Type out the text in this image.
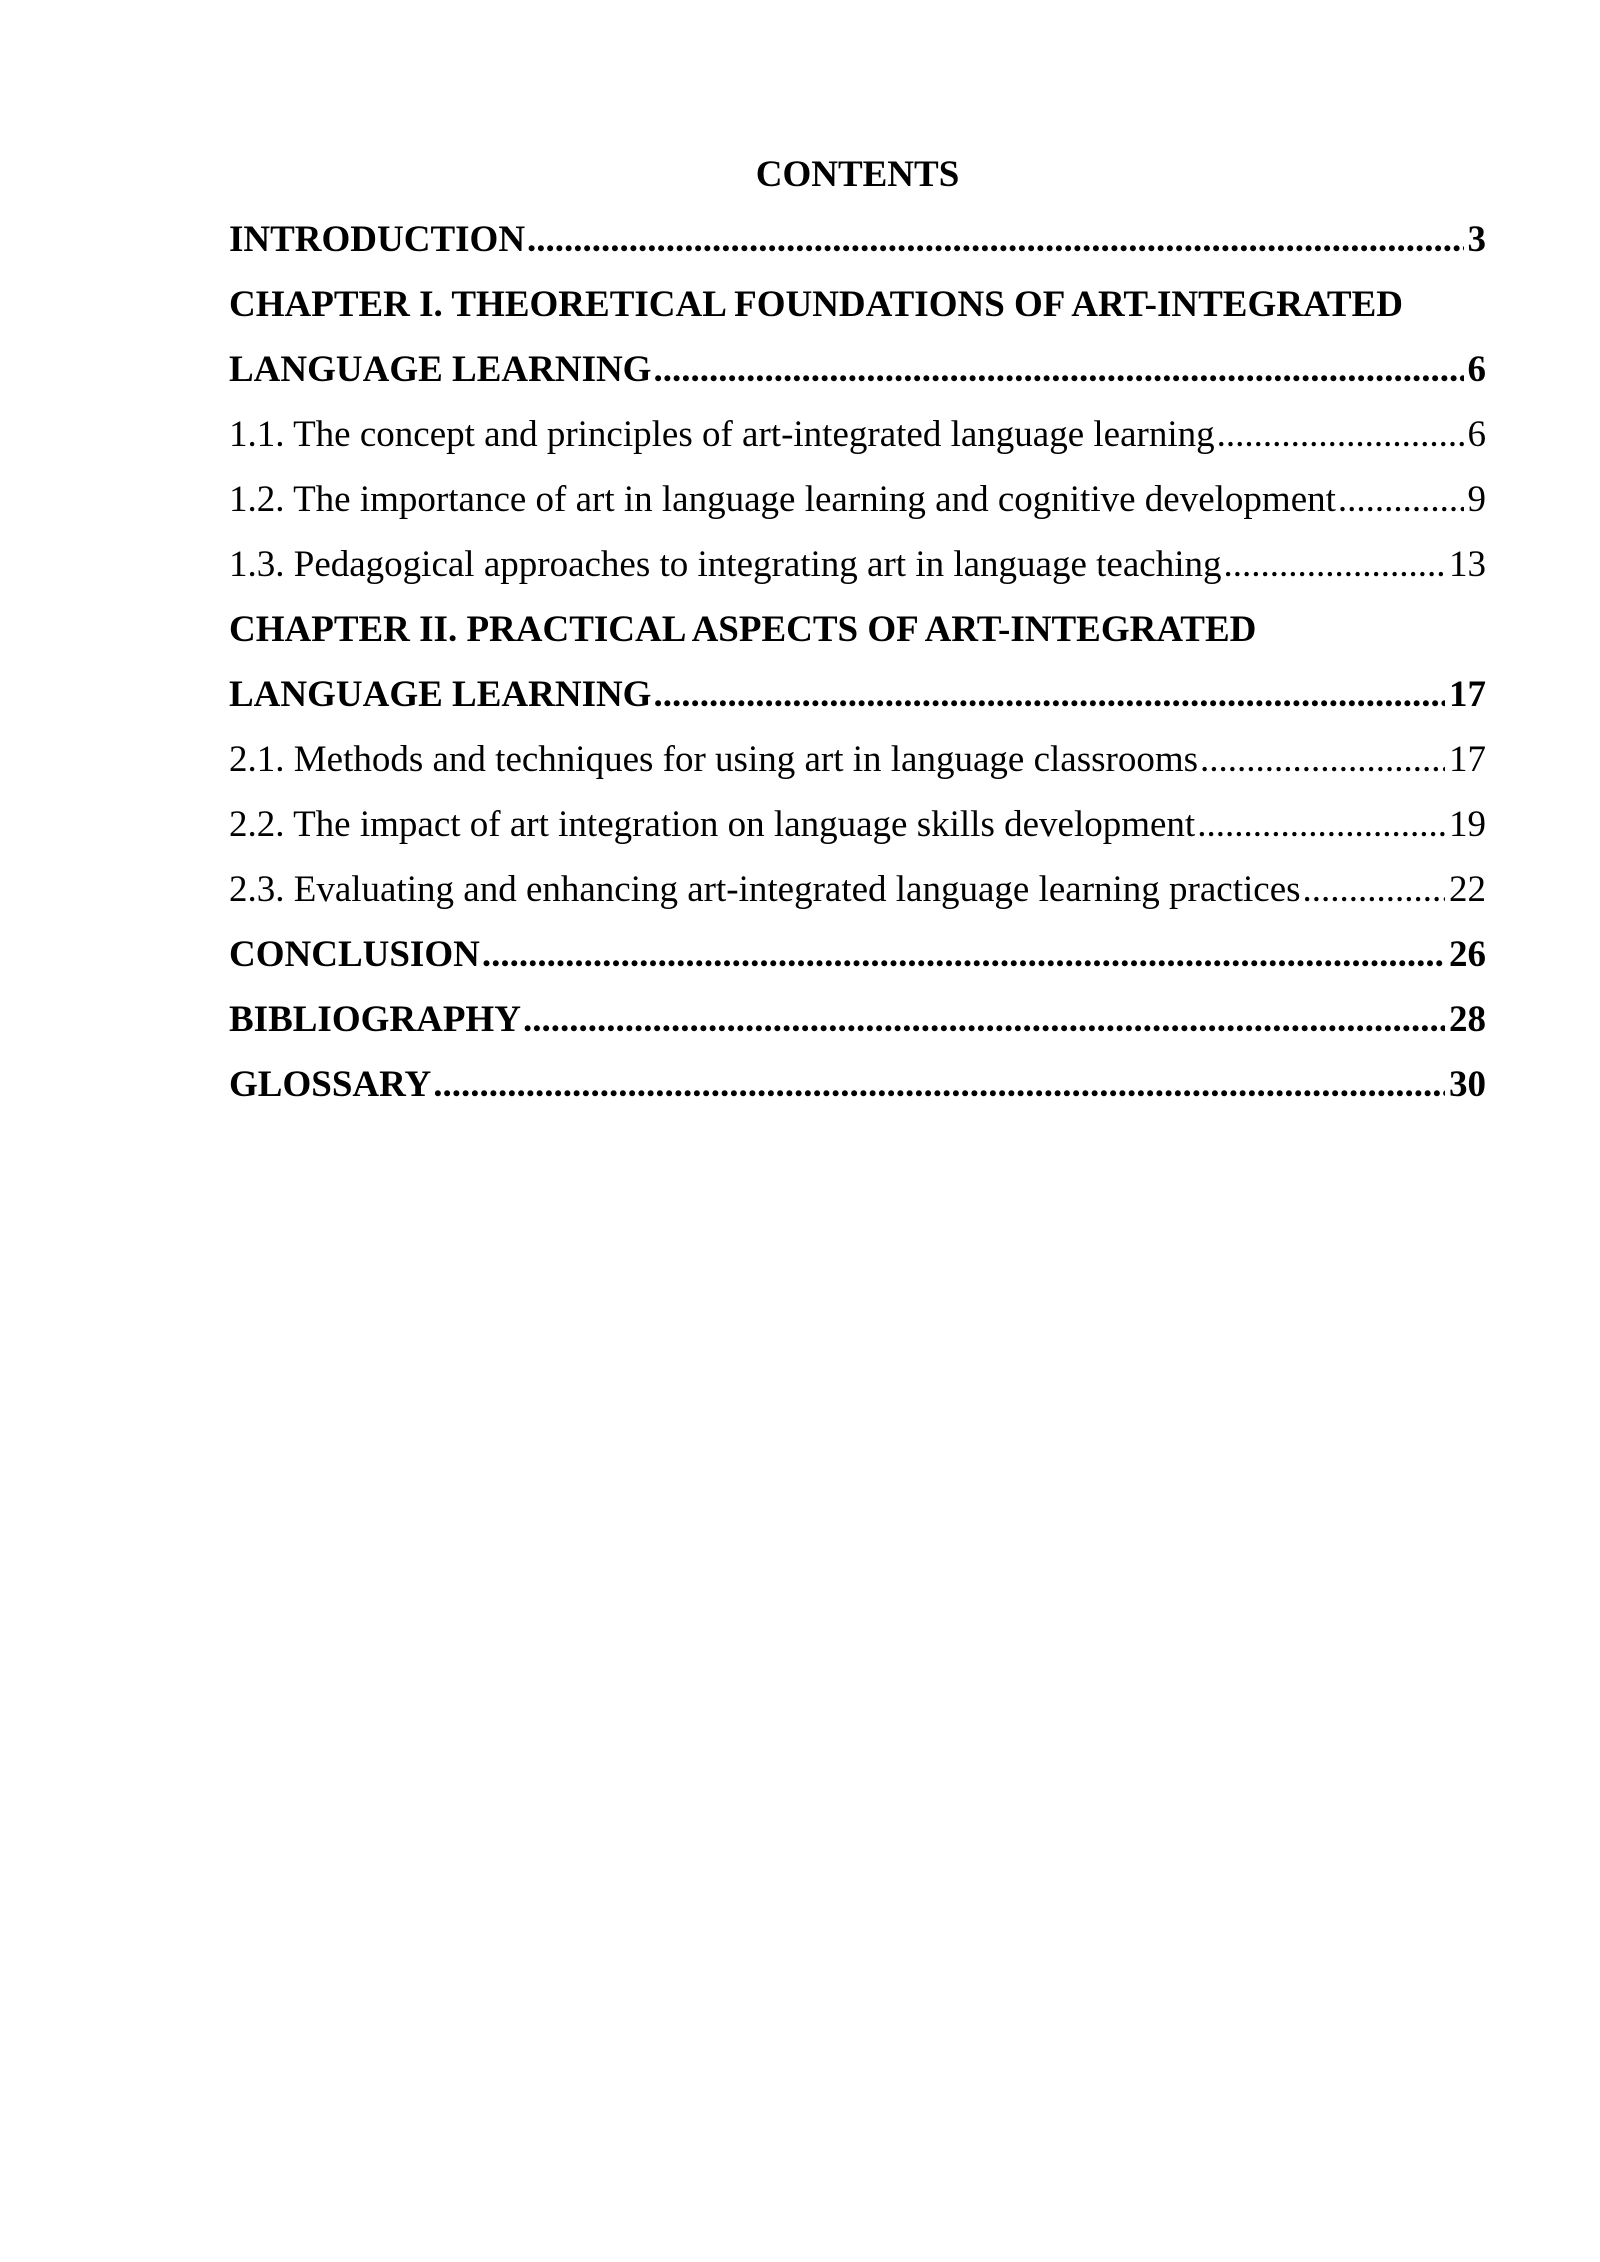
CONTENTS
INTRODUCTION .....	3
CHAPTER I. THEORETICAL FOUNDATIONS OF ART-INTEGRATED
LANGUAGE LEARNING .....	6
1.1. The concept and principles of art-integrated language learning .....	6
1.2. The importance of art in language learning and cognitive development .....	9
1.3. Pedagogical approaches to integrating art in language teaching .....	13
CHAPTER II. PRACTICAL ASPECTS OF ART-INTEGRATED
LANGUAGE LEARNING .....	17
2.1. Methods and techniques for using art in language classrooms .....	17
2.2. The impact of art integration on language skills development .....	19
2.3. Evaluating and enhancing art-integrated language learning practices .....	22
CONCLUSION .....	26
BIBLIOGRAPHY .....	28
GLOSSARY .....	30
